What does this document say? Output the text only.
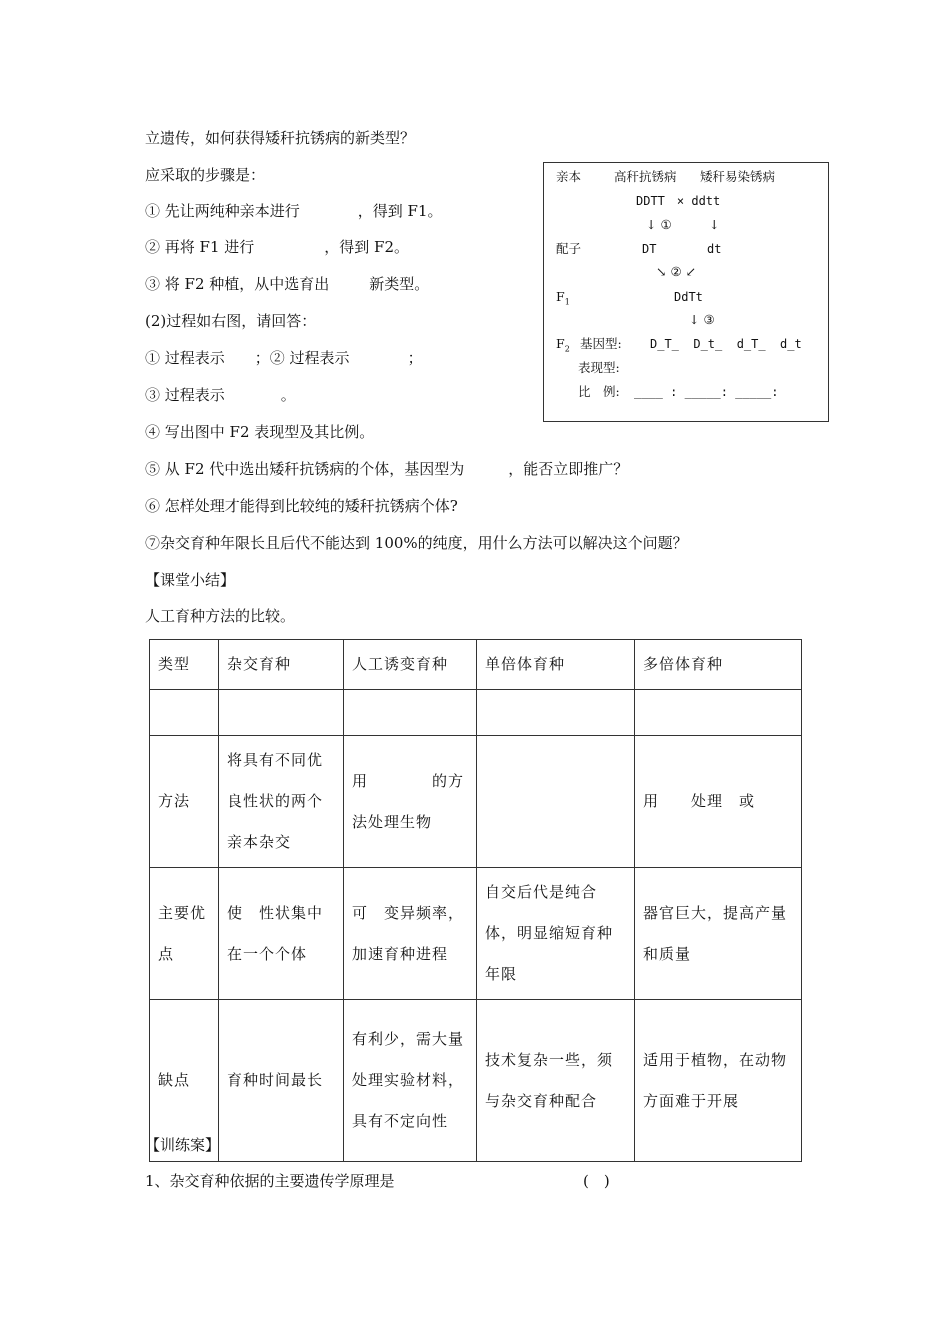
立遗传，如何获得矮秆抗锈病的新类型？
应采取的步骤是：
① 先让两纯种亲本进行	，得到 F1。
② 再将 F1 进行	，得到 F2。
③ 将 F2 种植，从中选育出	新类型。
(2)过程如右图，请回答：
① 过程表示 ；② 过程表示	；
③ 过程表示	。
④ 写出图中 F2 表现型及其比例。
⑤ 从 F2 代中选出矮秆抗锈病的个体，基因型为	，能否立即推广？
⑥ 怎样处理才能得到比较纯的矮秆抗锈病个体?
⑦杂交育种年限长且后代不能达到 100%的纯度，用什么方法可以解决这个问题？
亲本	高秆抗锈病 矮秆易染锈病
DDTT　× ddtt
↓ ①　　　↓
配子	DT	dt
↘ ② ↙
$F_1$	DdTt
↓ ③
$F_2$ 基因型: D_T_  D_t_  d_T_  d_t
表现型:
比　例: ____ : _____: _____:
【课堂小结】
人工育种方法的比较。
类型	杂交育种	人工诱变育种	单倍体育种	多倍体育种

方法	将具有不同优良性状的两个亲本杂交	用　　　　的方法处理生物		用　　处理　或
主要优点	使　性状集中在一个个体	可　变异频率，加速育种进程	自交后代是纯合体，明显缩短育种年限	器官巨大，提高产量和质量
缺点	育种时间最长	有利少，需大量处理实验材料，具有不定向性	技术复杂一些，须与杂交育种配合	适用于植物，在动物方面难于开展
【训练案】
1、杂交育种依据的主要遗传学原理是	(　)
